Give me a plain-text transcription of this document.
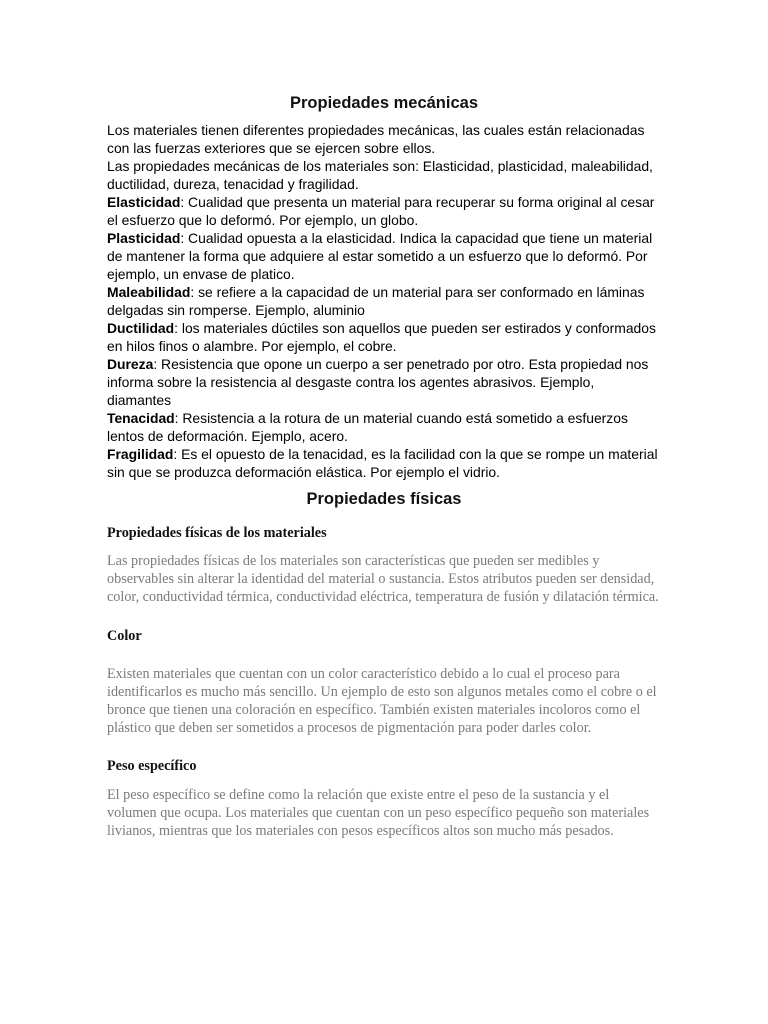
Propiedades mecánicas

Los materiales tienen diferentes propiedades mecánicas, las cuales están relacionadas con las fuerzas exteriores que se ejercen sobre ellos.

Las propiedades mecánicas de los materiales son: Elasticidad, plasticidad, maleabilidad, ductilidad, dureza, tenacidad y fragilidad.

Elasticidad: Cualidad que presenta un material para recuperar su forma original al cesar el esfuerzo que lo deformó. Por ejemplo, un globo.

Plasticidad: Cualidad opuesta a la elasticidad. Indica la capacidad que tiene un material de mantener la forma que adquiere al estar sometido a un esfuerzo que lo deformó. Por ejemplo, un envase de platico.

Maleabilidad: se refiere a la capacidad de un material para ser conformado en láminas delgadas sin romperse. Ejemplo, aluminio

Ductilidad: los materiales dúctiles son aquellos que pueden ser estirados y conformados en hilos finos o alambre. Por ejemplo, el cobre.

Dureza: Resistencia que opone un cuerpo a ser penetrado por otro. Esta propiedad nos informa sobre la resistencia al desgaste contra los agentes abrasivos. Ejemplo, diamantes

Tenacidad: Resistencia a la rotura de un material cuando está sometido a esfuerzos lentos de deformación. Ejemplo, acero.

Fragilidad: Es el opuesto de la tenacidad, es la facilidad con la que se rompe un material sin que se produzca deformación elástica. Por ejemplo el vidrio.

Propiedades físicas
Propiedades físicas de los materiales

Las propiedades físicas de los materiales son características que pueden ser medibles y observables sin alterar la identidad del material o sustancia. Estos atributos pueden ser densidad, color, conductividad térmica, conductividad eléctrica, temperatura de fusión y dilatación térmica.

Color

Existen materiales que cuentan con un color característico debido a lo cual el proceso para identificarlos es mucho más sencillo. Un ejemplo de esto son algunos metales como el cobre o el bronce que tienen una coloración en específico. También existen materiales incoloros como el plástico que deben ser sometidos a procesos de pigmentación para poder darles color.

Peso específico

El peso específico se define como la relación que existe entre el peso de la sustancia y el volumen que ocupa. Los materiales que cuentan con un peso específico pequeño son materiales livianos, mientras que los materiales con pesos específicos altos son mucho más pesados.
